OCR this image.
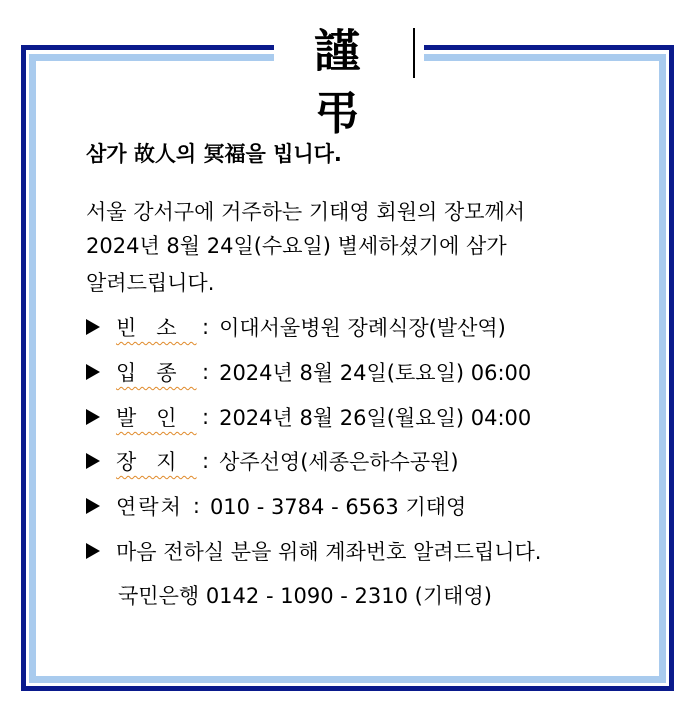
謹 弔
삼가 故人의 冥福을 빕니다.
서울 강서구에 거주하는 기태영 회원의 장모께서
2024년 8월 24일(수요일) 별세하셨기에 삼가
알려드립니다.
빈소 : 이대서울병원 장례식장(발산역)
입종 : 2024년 8월 24일(토요일) 06:00
발인 : 2024년 8월 26일(월요일) 04:00
장지 : 상주선영(세종은하수공원)
연락처 : 010 - 3784 - 6563 기태영
마음 전하실 분을 위해 계좌번호 알려드립니다.
국민은행 0142 - 1090 - 2310 (기태영)
